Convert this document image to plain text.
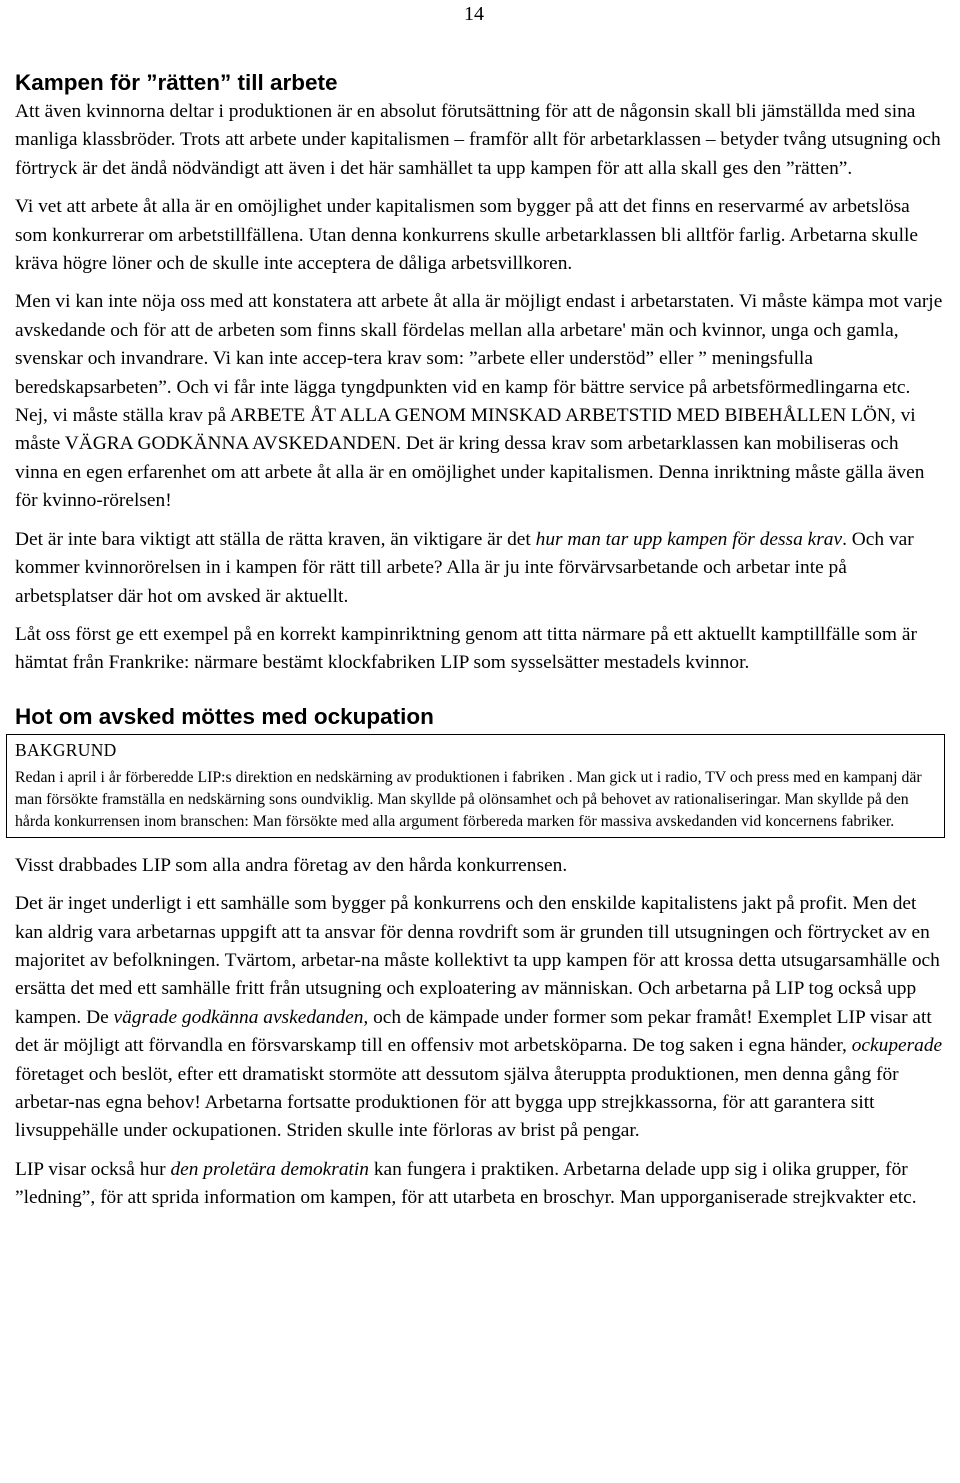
14
Kampen för ”rätten” till arbete

Att även kvinnorna deltar i produktionen är en absolut förutsättning för att de någonsin skall bli jämställda med sina manliga klassbröder. Trots att arbete under kapitalismen – framför allt för arbetarklassen – betyder tvång utsugning och förtryck är det ändå nödvändigt att även i det här samhället ta upp kampen för att alla skall ges den ”rätten”.

Vi vet att arbete åt alla är en omöjlighet under kapitalismen som bygger på att det finns en reservarmé av arbetslösa som konkurrerar om arbetstillfällena. Utan denna konkurrens skulle arbetarklassen bli alltför farlig. Arbetarna skulle kräva högre löner och de skulle inte acceptera de dåliga arbetsvillkoren.

Men vi kan inte nöja oss med att konstatera att arbete åt alla är möjligt endast i arbetarstaten. Vi måste kämpa mot varje avskedande och för att de arbeten som finns skall fördelas mellan alla arbetare' män och kvinnor, unga och gamla, svenskar och invandrare. Vi kan inte accep-tera krav som: ”arbete eller understöd” eller ” meningsfulla beredskapsarbeten”. Och vi får inte lägga tyngdpunkten vid en kamp för bättre service på arbetsförmedlingarna etc. Nej, vi måste ställa krav på ARBETE ÅT ALLA GENOM MINSKAD ARBETSTID MED BIBEHÅLLEN LÖN, vi måste VÄGRA GODKÄNNA AVSKEDANDEN. Det är kring dessa krav som arbetarklassen kan mobiliseras och vinna en egen erfarenhet om att arbete åt alla är en omöjlighet under kapitalismen. Denna inriktning måste gälla även för kvinno-rörelsen!

Det är inte bara viktigt att ställa de rätta kraven, än viktigare är det hur man tar upp kampen för dessa krav. Och var kommer kvinnorörelsen in i kampen för rätt till arbete? Alla är ju inte förvärvsarbetande och arbetar inte på arbetsplatser där hot om avsked är aktuellt.

Låt oss först ge ett exempel på en korrekt kampinriktning genom att titta närmare på ett aktuellt kamptillfälle som är hämtat från Frankrike: närmare bestämt klockfabriken LIP som sysselsätter mestadels kvinnor.

Hot om avsked möttes med ockupation
BAKGRUND
Redan i april i år förberedde LIP:s direktion en nedskärning av produktionen i fabriken . Man gick ut i radio, TV och press med en kampanj där man försökte framställa en nedskärning sons oundviklig. Man skyllde på olönsamhet och på behovet av rationaliseringar. Man skyllde på den hårda konkurrensen inom branschen: Man försökte med alla argument förbereda marken för massiva avskedanden vid koncernens fabriker.

Visst drabbades LIP som alla andra företag av den hårda konkurrensen.

Det är inget underligt i ett samhälle som bygger på konkurrens och den enskilde kapitalistens jakt på profit. Men det kan aldrig vara arbetarnas uppgift att ta ansvar för denna rovdrift som är grunden till utsugningen och förtrycket av en majoritet av befolkningen. Tvärtom, arbetar-na måste kollektivt ta upp kampen för att krossa detta utsugarsamhälle och ersätta det med ett samhälle fritt från utsugning och exploatering av människan. Och arbetarna på LIP tog också upp kampen. De vägrade godkänna avskedanden, och de kämpade under former som pekar framåt! Exemplet LIP visar att det är möjligt att förvandla en försvarskamp till en offensiv mot arbetsköparna. De tog saken i egna händer, ockuperade företaget och beslöt, efter ett dramatiskt stormöte att dessutom själva återuppta produktionen, men denna gång för arbetar-nas egna behov! Arbetarna fortsatte produktionen för att bygga upp strejkkassorna, för att garantera sitt livsuppehälle under ockupationen. Striden skulle inte förloras av brist på pengar.

LIP visar också hur den proletära demokratin kan fungera i praktiken. Arbetarna delade upp sig i olika grupper, för ”ledning”, för att sprida information om kampen, för att utarbeta en broschyr. Man upporganiserade strejkvakter etc.
